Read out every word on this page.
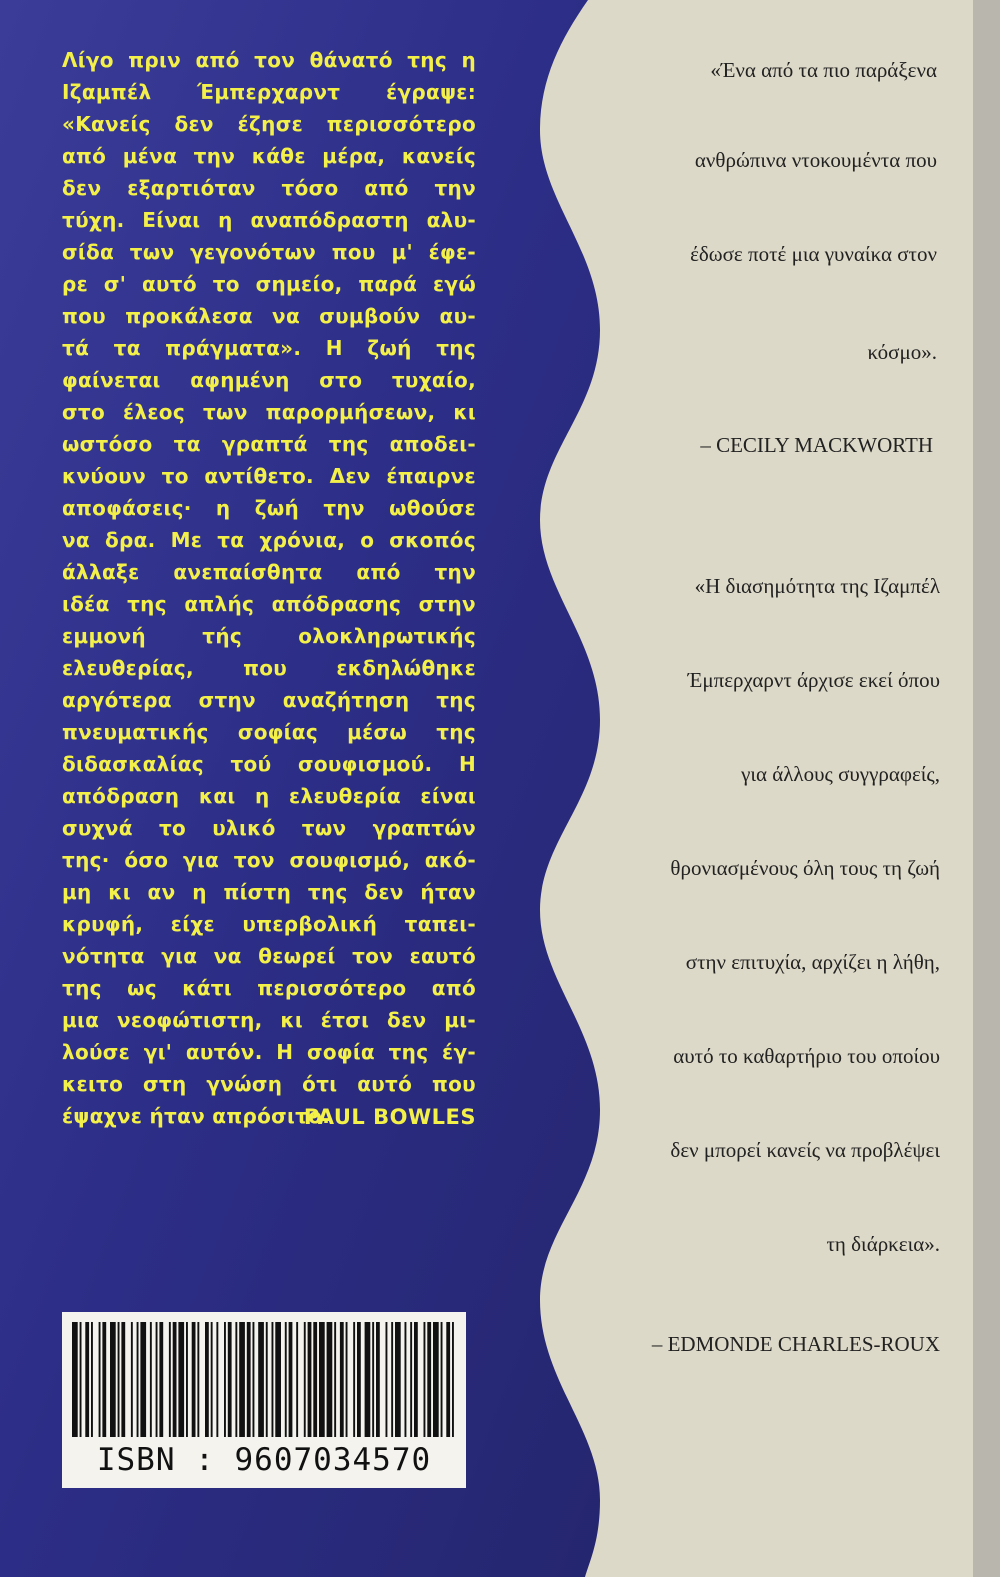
Λίγο πριν από τον θάνατό της η
Ιζαμπέλ Έμπερχαρντ έγραψε:
«Κανείς δεν έζησε περισσότερο
από μένα την κάθε μέρα, κανείς
δεν εξαρτιόταν τόσο από την
τύχη. Είναι η αναπόδραστη αλυ-
σίδα των γεγονότων που μ' έφε-
ρε σ' αυτό το σημείο, παρά εγώ
που προκάλεσα να συμβούν αυ-
τά τα πράγματα». Η ζωή της
φαίνεται αφημένη στο τυχαίο,
στο έλεος των παρορμήσεων, κι
ωστόσο τα γραπτά της αποδει-
κνύουν το αντίθετο. Δεν έπαιρνε
αποφάσεις· η ζωή την ωθούσε
να δρα. Με τα χρόνια, ο σκοπός
άλλαξε ανεπαίσθητα από την
ιδέα της απλής απόδρασης στην
εμμονή τής ολοκληρωτικής
ελευθερίας, που εκδηλώθηκε
αργότερα στην αναζήτηση της
πνευματικής σοφίας μέσω της
διδασκαλίας τού σουφισμού. Η
απόδραση και η ελευθερία είναι
συχνά το υλικό των γραπτών
της· όσο για τον σουφισμό, ακό-
μη κι αν η πίστη της δεν ήταν
κρυφή, είχε υπερβολική ταπει-
νότητα για να θεωρεί τον εαυτό
της ως κάτι περισσότερο από
μια νεοφώτιστη, κι έτσι δεν μι-
λούσε γι' αυτόν. Η σοφία της έγ-
κειτο στη γνώση ότι αυτό που
έψαχνε ήταν απρόσιτο.
PAUL BOWLES
ISBN : 9607034570
«Ένα από τα πιο παράξενα
ανθρώπινα ντοκουμέντα που
έδωσε ποτέ μια γυναίκα στον
κόσμο».
– CECILY MACKWORTH
«Η διασημότητα της Ιζαμπέλ
Έμπερχαρντ άρχισε εκεί όπου
για άλλους συγγραφείς,
θρονιασμένους όλη τους τη ζωή
στην επιτυχία, αρχίζει η λήθη,
αυτό το καθαρτήριο του οποίου
δεν μπορεί κανείς να προβλέψει
τη διάρκεια».
– EDMONDE CHARLES-ROUX
